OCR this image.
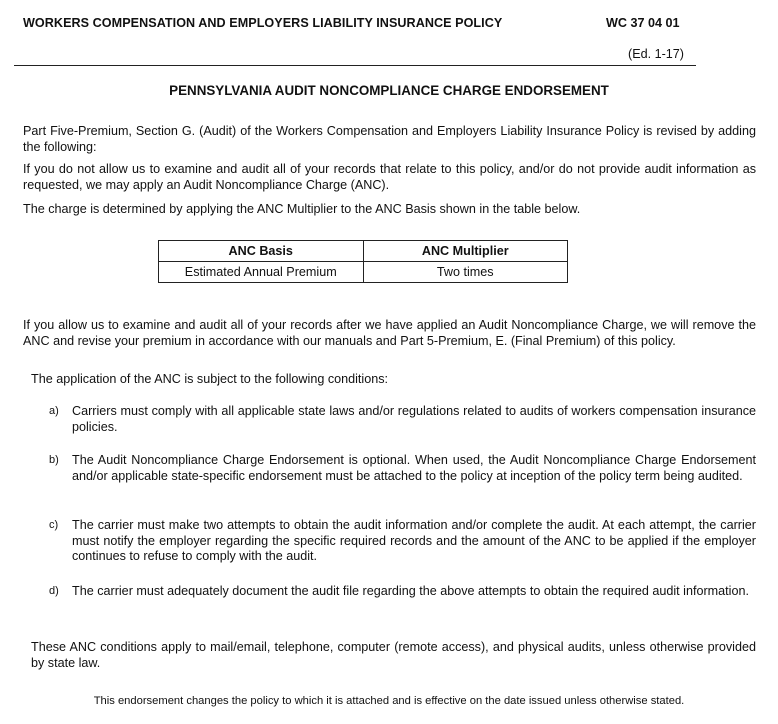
WORKERS COMPENSATION AND EMPLOYERS LIABILITY INSURANCE POLICY	WC 37 04 01
(Ed. 1-17)
PENNSYLVANIA AUDIT NONCOMPLIANCE CHARGE ENDORSEMENT

Part Five-Premium, Section G. (Audit) of the Workers Compensation and Employers Liability Insurance Policy is revised by adding the following:

If you do not allow us to examine and audit all of your records that relate to this policy, and/or do not provide audit information as requested, we may apply an Audit Noncompliance Charge (ANC).

The charge is determined by applying the ANC Multiplier to the ANC Basis shown in the table below.

ANC Basis	ANC Multiplier
Estimated Annual Premium	Two times

If you allow us to examine and audit all of your records after we have applied an Audit Noncompliance Charge, we will remove the ANC and revise your premium in accordance with our manuals and Part 5-Premium, E. (Final Premium) of this policy.

The application of the ANC is subject to the following conditions:

a)	Carriers must comply with all applicable state laws and/or regulations related to audits of workers compensation insurance policies.

b)	The Audit Noncompliance Charge Endorsement is optional. When used, the Audit Noncompliance Charge Endorsement and/or applicable state-specific endorsement must be attached to the policy at inception of the policy term being audited.

c)	The carrier must make two attempts to obtain the audit information and/or complete the audit. At each attempt, the carrier must notify the employer regarding the specific required records and the amount of the ANC to be applied if the employer continues to refuse to comply with the audit.

d)	The carrier must adequately document the audit file regarding the above attempts to obtain the required audit information.

These ANC conditions apply to mail/email, telephone, computer (remote access), and physical audits, unless otherwise provided by state law.

This endorsement changes the policy to which it is attached and is effective on the date issued unless otherwise stated.
